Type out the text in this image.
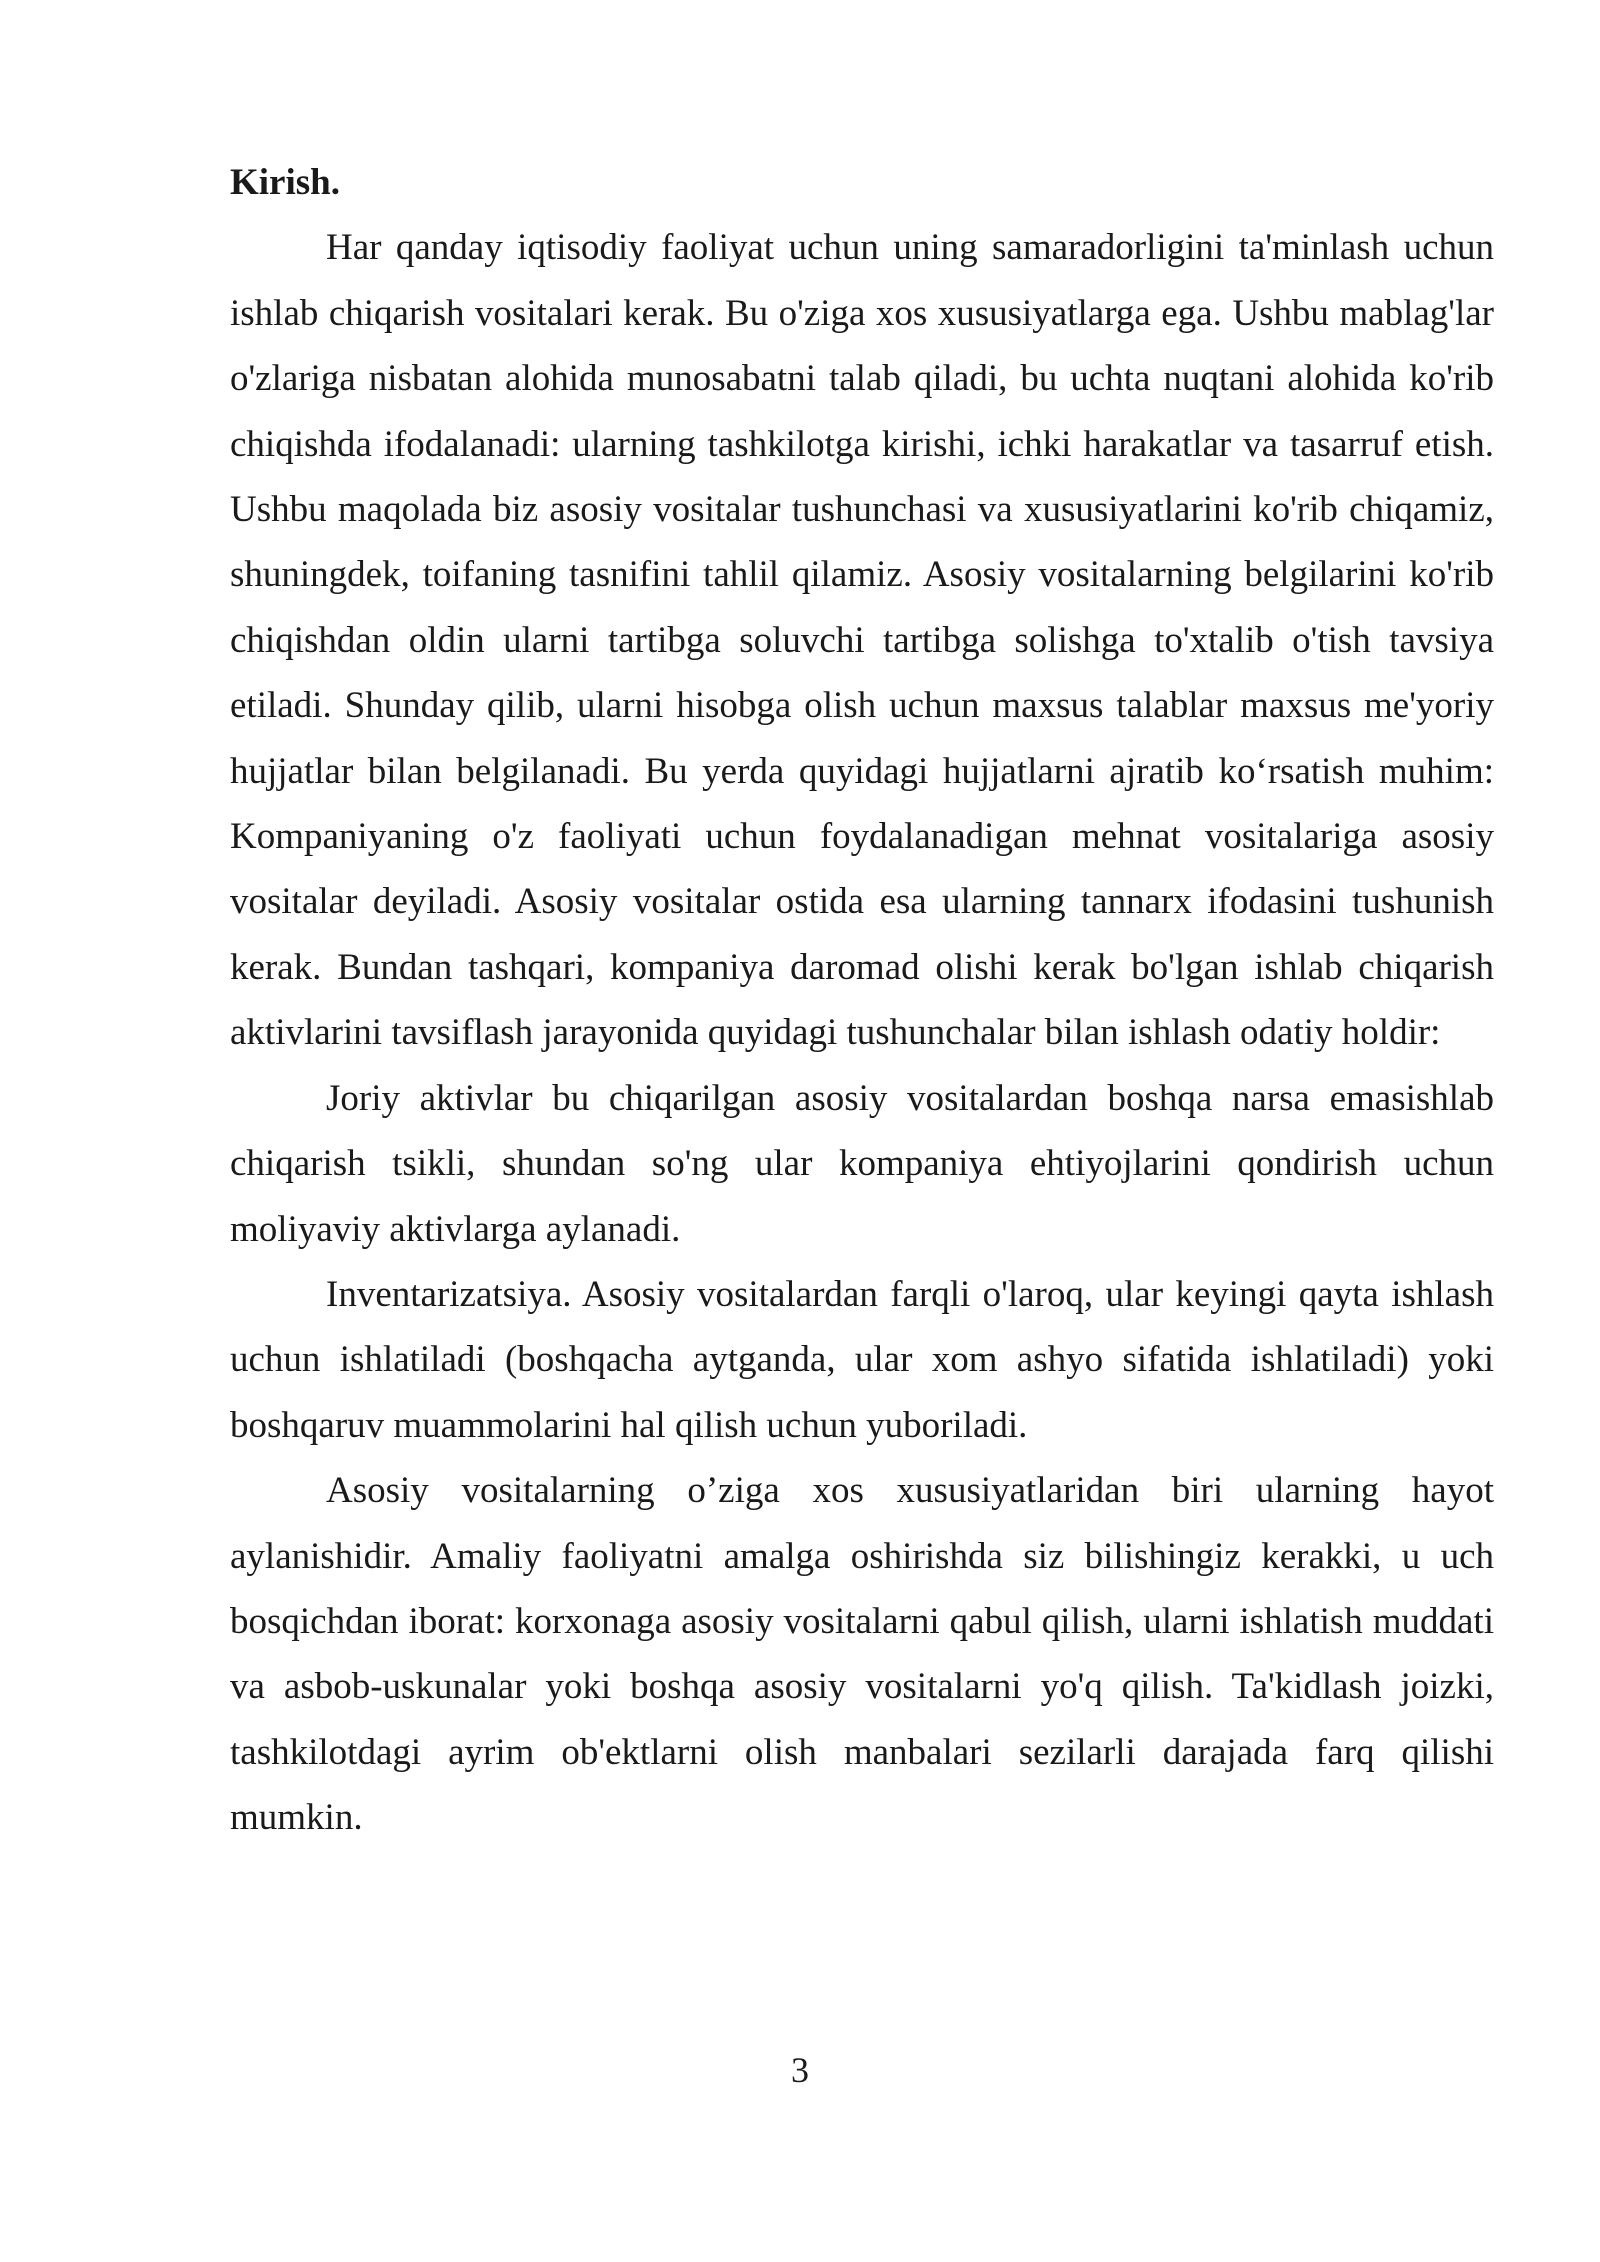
Kirish.

Har qanday iqtisodiy faoliyat uchun uning samaradorligini ta'minlash uchun ishlab chiqarish vositalari kerak. Bu o'ziga xos xususiyatlarga ega. Ushbu mablag'lar o'zlariga nisbatan alohida munosabatni talab qiladi, bu uchta nuqtani alohida ko'rib chiqishda ifodalanadi: ularning tashkilotga kirishi, ichki harakatlar va tasarruf etish. Ushbu maqolada biz asosiy vositalar tushunchasi va xususiyatlarini ko'rib chiqamiz, shuningdek, toifaning tasnifini tahlil qilamiz. Asosiy vositalarning belgilarini ko'rib chiqishdan oldin ularni tartibga soluvchi tartibga solishga to'xtalib o'tish tavsiya etiladi. Shunday qilib, ularni hisobga olish uchun maxsus talablar maxsus me'yoriy hujjatlar bilan belgilanadi. Bu yerda quyidagi hujjatlarni ajratib ko‘rsatish muhim: Kompaniyaning o'z faoliyati uchun foydalanadigan mehnat vositalariga asosiy vositalar deyiladi. Asosiy vositalar ostida esa ularning tannarx ifodasini tushunish kerak. Bundan tashqari, kompaniya daromad olishi kerak bo'lgan ishlab chiqarish aktivlarini tavsiflash jarayonida quyidagi tushunchalar bilan ishlash odatiy holdir:

Joriy aktivlar bu chiqarilgan asosiy vositalardan boshqa narsa emasishlab chiqarish tsikli, shundan so'ng ular kompaniya ehtiyojlarini qondirish uchun moliyaviy aktivlarga aylanadi.

Inventarizatsiya. Asosiy vositalardan farqli o'laroq, ular keyingi qayta ishlash uchun ishlatiladi (boshqacha aytganda, ular xom ashyo sifatida ishlatiladi) yoki boshqaruv muammolarini hal qilish uchun yuboriladi.

Asosiy vositalarning o’ziga xos xususiyatlaridan biri ularning hayot aylanishidir. Amaliy faoliyatni amalga oshirishda siz bilishingiz kerakki, u uch bosqichdan iborat: korxonaga asosiy vositalarni qabul qilish, ularni ishlatish muddati va asbob-uskunalar yoki boshqa asosiy vositalarni yo'q qilish. Ta'kidlash joizki, tashkilotdagi ayrim ob'ektlarni olish manbalari sezilarli darajada farq qilishi mumkin.

3
